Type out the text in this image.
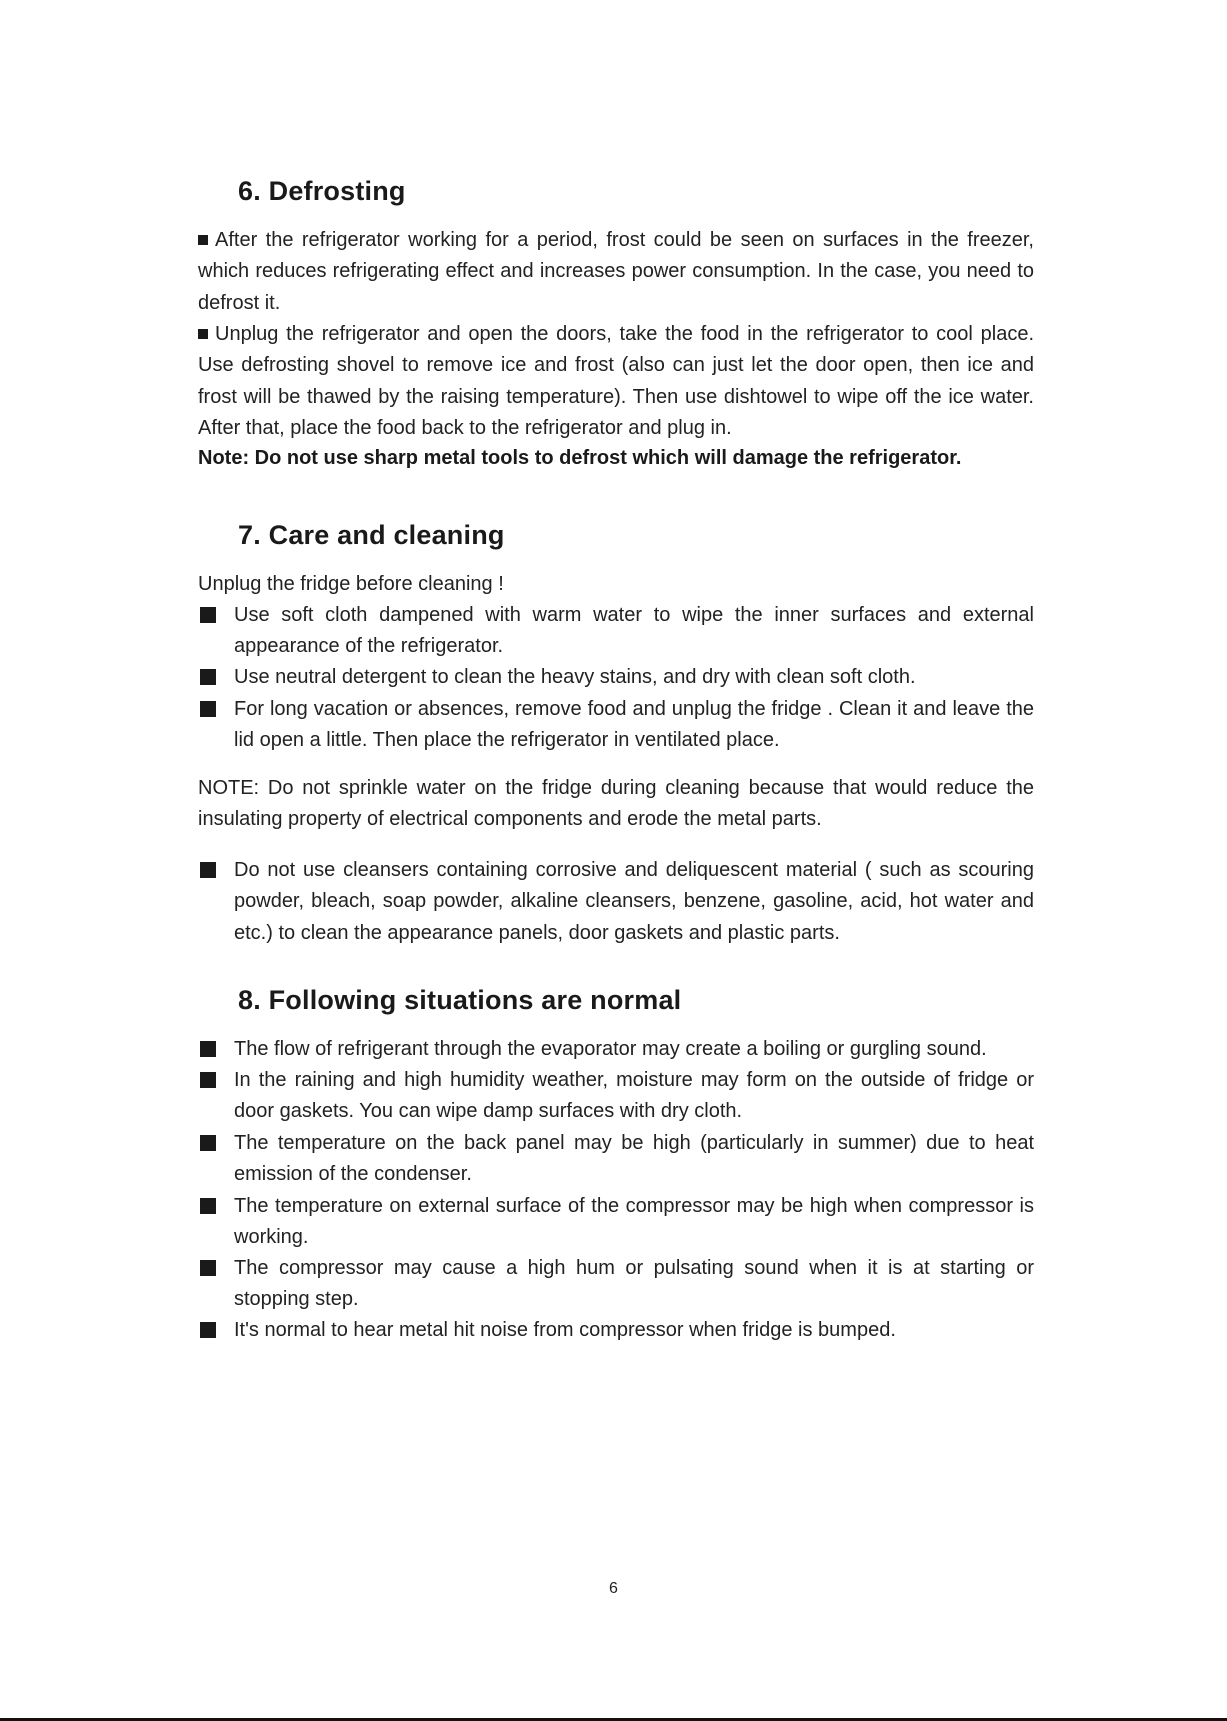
6. Defrosting
After the refrigerator working for a period, frost could be seen on surfaces in the freezer, which reduces refrigerating effect and increases power consumption. In the case, you need to defrost it.
Unplug the refrigerator and open the doors, take the food in the refrigerator to cool place. Use defrosting shovel to remove ice and frost (also can just let the door open, then ice and frost will be thawed by the raising temperature). Then use dishtowel to wipe off the ice water. After that, place the food back to the refrigerator and plug in.
Note: Do not use sharp metal tools to defrost which will damage the refrigerator.
7. Care and cleaning
Unplug the fridge before cleaning !
Use soft cloth dampened with warm water to wipe the inner surfaces and external appearance of the refrigerator.
Use neutral detergent to clean the heavy stains, and dry with clean soft cloth.
For long vacation or absences, remove food and unplug the fridge . Clean it and leave the lid open a little. Then place the refrigerator in ventilated place.
NOTE: Do not sprinkle water on the fridge during cleaning because that would reduce the insulating property of electrical components and erode the metal parts.
Do not use cleansers containing corrosive and deliquescent material ( such as scouring powder, bleach, soap powder, alkaline cleansers, benzene, gasoline, acid, hot water and etc.) to clean the appearance panels, door gaskets and plastic parts.
8. Following situations are normal
The flow of refrigerant through the evaporator may create a boiling or gurgling sound.
In the raining and high humidity weather, moisture may form on the outside of fridge or door gaskets. You can wipe damp surfaces with dry cloth.
The temperature on the back panel may be high (particularly in summer) due to heat emission of the condenser.
The temperature on external surface of the compressor may be high when compressor is working.
The compressor may cause a high hum or pulsating sound when it is at starting or stopping step.
It's normal to hear metal hit noise from compressor when fridge is bumped.
6
